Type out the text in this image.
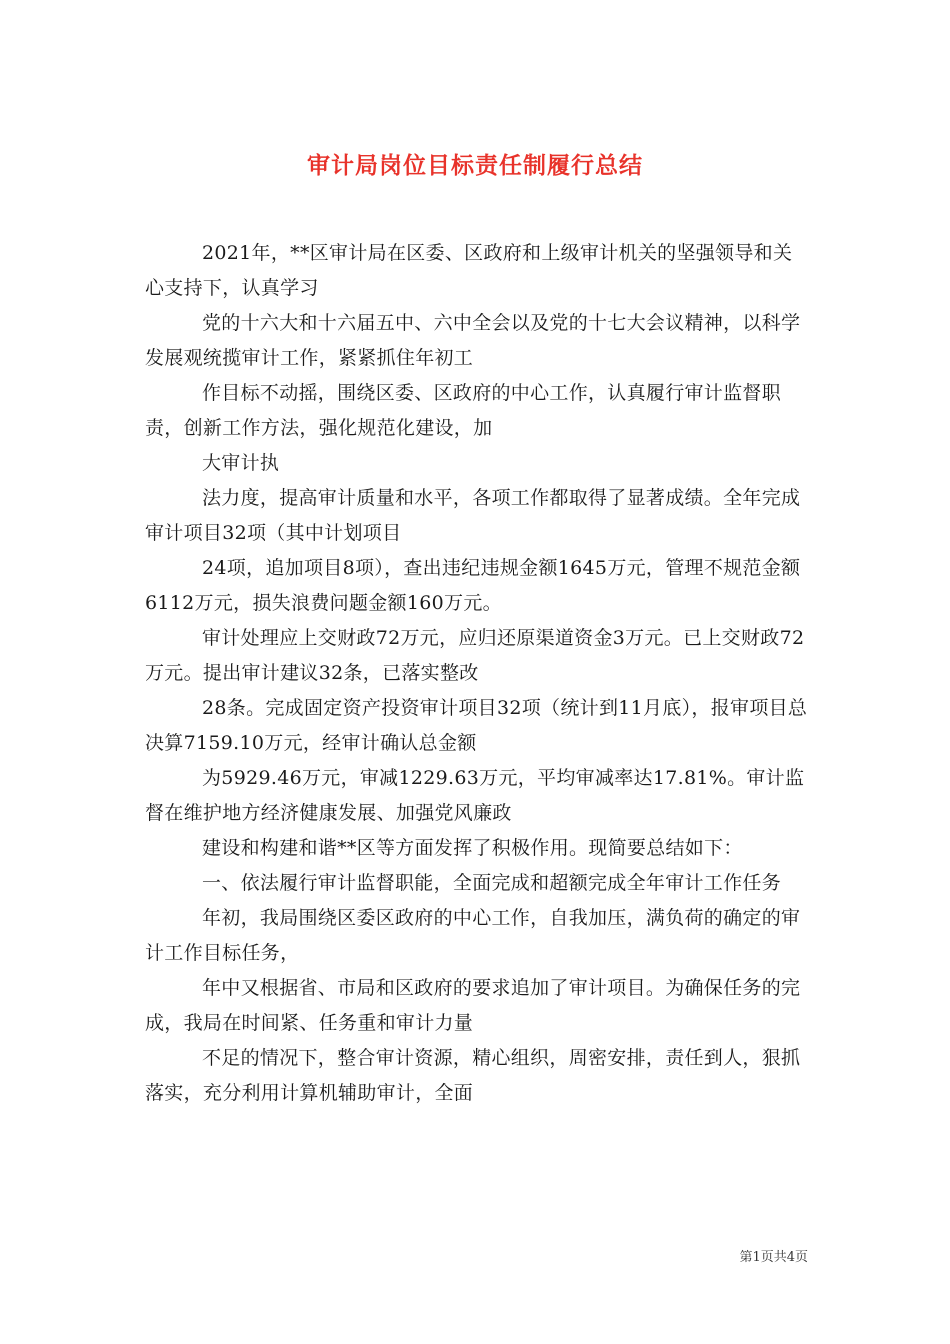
审计局岗位目标责任制履行总结

2021年，**区审计局在区委、区政府和上级审计机关的坚强领导和关心支持下，认真学习

党的十六大和十六届五中、六中全会以及党的十七大会议精神，以科学发展观统揽审计工作，紧紧抓住年初工

作目标不动摇，围绕区委、区政府的中心工作，认真履行审计监督职责，创新工作方法，强化规范化建设，加

大审计执

法力度，提高审计质量和水平，各项工作都取得了显著成绩。全年完成审计项目32项（其中计划项目

24项，追加项目8项），查出违纪违规金额1645万元，管理不规范金额6112万元，损失浪费问题金额160万元。

审计处理应上交财政72万元，应归还原渠道资金3万元。已上交财政72万元。提出审计建议32条，已落实整改

28条。完成固定资产投资审计项目32项（统计到11月底），报审项目总决算7159.10万元，经审计确认总金额

为5929.46万元，审减1229.63万元，平均审减率达17.81%。审计监督在维护地方经济健康发展、加强党风廉政

建设和构建和谐**区等方面发挥了积极作用。现简要总结如下：

一、依法履行审计监督职能，全面完成和超额完成全年审计工作任务

年初，我局围绕区委区政府的中心工作，自我加压，满负荷的确定的审计工作目标任务，

年中又根据省、市局和区政府的要求追加了审计项目。为确保任务的完成，我局在时间紧、任务重和审计力量

不足的情况下，整合审计资源，精心组织，周密安排，责任到人，狠抓落实，充分利用计算机辅助审计，全面

第1页共4页
